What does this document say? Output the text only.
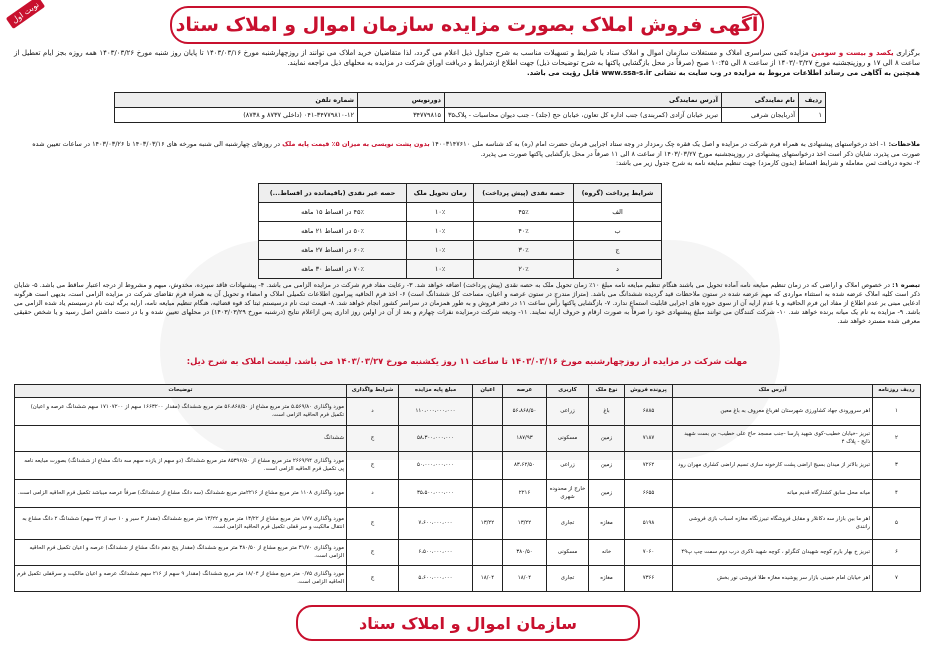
نوبت اول	آگهی فروش املاک بصورت مزایده سازمان اموال و املاک ستاد
برگزاری یکصد و بیست و سومین مزایده کتبی سراسری املاک و مستغلات سازمان اموال و املاک ستاد با شرایط و تسهیلات مناسب به شرح جداول ذیل اعلام می گردد، لذا متقاضیان خرید املاک می توانند از روزچهارشنبه مورخ ۱۴۰۳/۰۳/۱۶ تا پایان روز شنبه مورخ ۱۴۰۳/۰۳/۲۶ همه روزه بجز ایام تعطیل از ساعت ۸ الی ۱۷ و روزپنجشنبه مورخ ۱۴۰۳/۰۳/۲۷ از ساعت ۸ الی ۱۰:۴۵ صبح (صرفاً در محل بازگشایی پاکتها به شرح توضیحات ذیل) جهت اطلاع ازشرایط و دریافت اوراق شرکت در مزایده به محلهای ذیل مراجعه نمایند.
همچنین به آگاهی می رساند اطلاعات مربوط به مزایده در وب سایت به نشانی www.ssa-s.ir قابل رؤیت می باشد.
ردیف	نام نمایندگی	آدرس نمایندگی	دورنویس	شماره تلفن
۱	آذربایجان شرقی	تبریز خیابان آزادی (کمربندی) جنب اداره کل تعاون، خیابان حج (جلد) - جنب دیوان محاسبات - پلاک۳۵	۳۴۷۷۹۸۱۵	۰۴۱-۳۴۷۷۹۸۱۰-۱۲ (داخلی ۸۷۳۷ و ۸۷۳۸)
ملاحظات: ۱- اخذ درخواستهای پیشنهادی به همراه فرم شرکت در مزایده و اصل یک فقره چک رمزدار در وجه ستاد اجرایی فرمان حضرت امام (ره) به کد شناسه ملی ۱۴۰۰۳۱۴۷۶۱۰ بدون پشت نویسی به میزان ۵٪ قیمت پایه ملک در روزهای چهارشنبه الی شنبه مورخه های ۱۴۰۳/۰۳/۱۶ تا ۱۴۰۳/۰۳/۲۶ در ساعات تعیین شده صورت می پذیرد، شایان ذکر است اخذ درخواستهای پیشنهادی در روزپنجشنبه مورخ ۱۴۰۳/۰۳/۲۷ از ساعت ۸ الی ۱۱ صرفاً در محل بازگشایی پاکتها صورت می پذیرد.
۲- نحوه دریافت ثمن معامله و شرایط اقساط (بدون کارمزد) جهت تنظیم مبایعه نامه به شرح جدول زیر می باشد:
شرایط پرداخت (گروه)	حصه نقدی (پیش پرداخت)	زمان تحویل ملک	حصه غیر نقدی (باقیمانده در اقساط...)
الف	۴۵٪	۱۰٪	۴۵٪ در اقساط ۱۵ ماهه
ب	۴۰٪	۱۰٪	۵۰٪ در اقساط ۲۱ ماهه
ج	۳۰٪	۱۰٪	۶۰٪ در اقساط ۲۷ ماهه
د	۲۰٪	۱۰٪	۷۰٪ در اقساط ۳۰ ماهه
تبصره ۱: در خصوص املاک و اراضی که در زمان تنظیم مبایعه نامه آماده تحویل می باشند هنگام تنظیم مبایعه نامه مبلغ ۱۰٪ زمان تحویل ملک به حصه نقدی (پیش پرداخت) اضافه خواهد شد. ۳- رعایت مفاد فرم شرکت در مزایده الزامی می باشد. ۴- پیشنهادات فاقد سپرده، مخدوش، مبهم و مشروط از درجه اعتبار ساقط می باشد. ۵- شایان ذکر است کلیه املاک عرضه شده به استثناء مواردی که مهم عرضه شده در ستون ملاحظات قید گردیده ششدانگ می باشد. (متراژ مندرج در ستون عرصه و اعیان، مساحت کل ششدانگ است) ۶- اخذ فرم الحاقیه پیرامون اطلاعات تکمیلی املاک و امضاء و تحویل آن به همراه فرم تقاضای شرکت در مزایده الزامی است، بدیهی است هرگونه ادعایی مبنی بر عدم اطلاع از مفاد این فرم الحاقیه و یا عدم ارایه آن از سوی حوزه های اجرایی قابلیت استماع ندارد. ۷- بازگشایی پاکتها رأس ساعت ۱۱ در دفتر فروش و به طور همزمان در سراسر کشور انجام خواهد شد. ۸- قیمت ثبت نام درسیستم ثبتا کد قوه قضائیه، هنگام تنظیم مبایعه نامه، ارایه برگه ثبت نام درسیستم یاد شده الزامی می باشد. ۹- مزایده به نام یک میانه برنده خواهد شد. ۱۰- شرکت کنندگان می توانند مبلغ پیشنهادی خود را صرفاً به صورت ارقام و حروف ارایه نمایند. ۱۱- ودیعه شرکت درمزایده نفرات چهارم و بعد از آن در اولین روز اداری پس ازاعلام نتایج (درشنبه مورخ ۱۴۰۳/۰۳/۲۹) در محلهای تعیین شده و با در دست داشتن اصل رسید و یا شخص حقیقی معرفی شده مسترد خواهد شد.
مهلت شرکت در مزایده از روزچهارشنبه مورخ ۱۴۰۳/۰۳/۱۶ تا ساعت ۱۱ روز یکشنبه مورخ ۱۴۰۳/۰۳/۲۷ می باشد. لیست املاک به شرح ذیل:
ردیف روزنامه	آدرس ملک	پرونده فروش	نوع ملک	کاربری	عرصه	اعیان	مبلغ پایه مزایده	شرایط واگذاری	توضیحات
۱	اهر سرورودی جهاد کشاورزی شهرستان اهرباغ معروف به باغ معین	۶۸۸۵	باغ	زراعی	۵۶،۸۶۸/۵۰		۱۱۰،۰۰۰،۰۰۰،۰۰۰	د	مورد واگذاری ۵،۵۶۹/۸۰ متر مربع مشاع از ۵۶،۸۶۸/۵۰ متر مربع ششدانگ (مقدار ۱۶۶۳۲۰۰ سهم از ۱۷۱۰۷۲۰۰ سهم ششدانگ عرصه و اعیان) تکمیل فرم الحاقیه الزامی است.
۲	تبریز -خیابان خطیب-کوی شهید پارسا -جنب مسجد حاج علی خطیب- بن بست شهید ذابح - پلاک ۴	۷۱۸۷	زمین	مسکونی	۱۸۷/۹۳		۵۸،۳۰۰،۰۰۰،۰۰۰	ج	ششدانگ
۳	تبریز بالاتر از میدان بسیج اراضی پشت کارخونه سازی تسیم اراضی کشاری مهران رود	۷۲۶۲	زمین	زراعی	۸۳،۶۲/۵۰		۵۰،۰۰۰،۰۰۰،۰۰۰	ج	مورد واگذاری ۲۶۶۹/۹۴ متر مربع مشاع از ۸۵۳۹۶/۵۰ متر مربع ششدانگ (دو سهم از یازده سهم سه دانگ مشاع از ششدانگ) بصورت مبایعه نامه پی تکمیل فرم الحاقیه الزامی است.
۴	میانه محل سابق کشتارگاه قدیم میانه	۶۶۵۵	زمین	خارج از محدوده شهری	۲۲۱۶		۳۵،۵۰۰،۰۰۰،۰۰۰	د	مورد واگذاری ۱۱۰۸ متر مربع مشاع از ۲۲۱۶متر مربع ششدانگ (سه دانگ مشاع از ششدانگ) صرفاً عرصه میباشد تکمیل فرم الحاقیه الزامی است.
۵	اهر ما بین بازار سه دکانلار و مقابل فروشگاه تبیرزنگاه مغازه اسباب بازی فروشی رانندی	۵۱۹۸	مغازه	تجاری	۱۳/۲۲	۱۳/۲۲	۷،۶۰۰،۰۰۰،۰۰۰	ج	مورد واگذاری ۱/۷۷ متر مربع مشاع از ۱۳/۲۲ متر مربع و ۱۳/۲۲ متر مربع ششدانگ (مقدار ۳ سیر و ۱۰ حبه از ۲۴ سهم) ششدانگ ۲ دانگ مشاع به انتقال مالکیت و سر قفلی تکمیل فرم الحاقیه الزامی است.
۶	تبریز خ بهار بارم کوچه شهیدان کنگرلو ، کوچه شهید ناکری درب دوم سمت چپ پ۴۹	۷۰۶۰	خانه	مسکونی	۳۸۰/۵۰		۶،۵۰۰،۰۰۰،۰۰۰	ج	مورد واگذاری ۳۱/۷۰ متر مربع مشاع از ۳۸۰/۵۰ متر مربع ششدانگ (مقدار پنج دهم دانگ مشاع از ششدانگ) عرصه و اعیان تکمیل فرم الحاقیه الزامی است.
۷	اهر خیابان امام خمینی بازار سر پوشیده مغازه طلا فروشی نور بخش	۷۳۶۶	مغازه	تجاری	۱۸/۰۴	۱۸/۰۴	۵،۶۰۰،۰۰۰،۰۰۰	ج	مورد واگذاری ۰/۷۵ متر مربع مشاع از ۱۸/۰۴ متر مربع ششدانگ (مقدار ۹ سهم از ۲۱۶ سهم ششدانگ عرصه و اعیان مالکیت و سرقفلی تکمیل فرم الحاقیه الزامی است.
سازمان اموال و املاک ستاد
